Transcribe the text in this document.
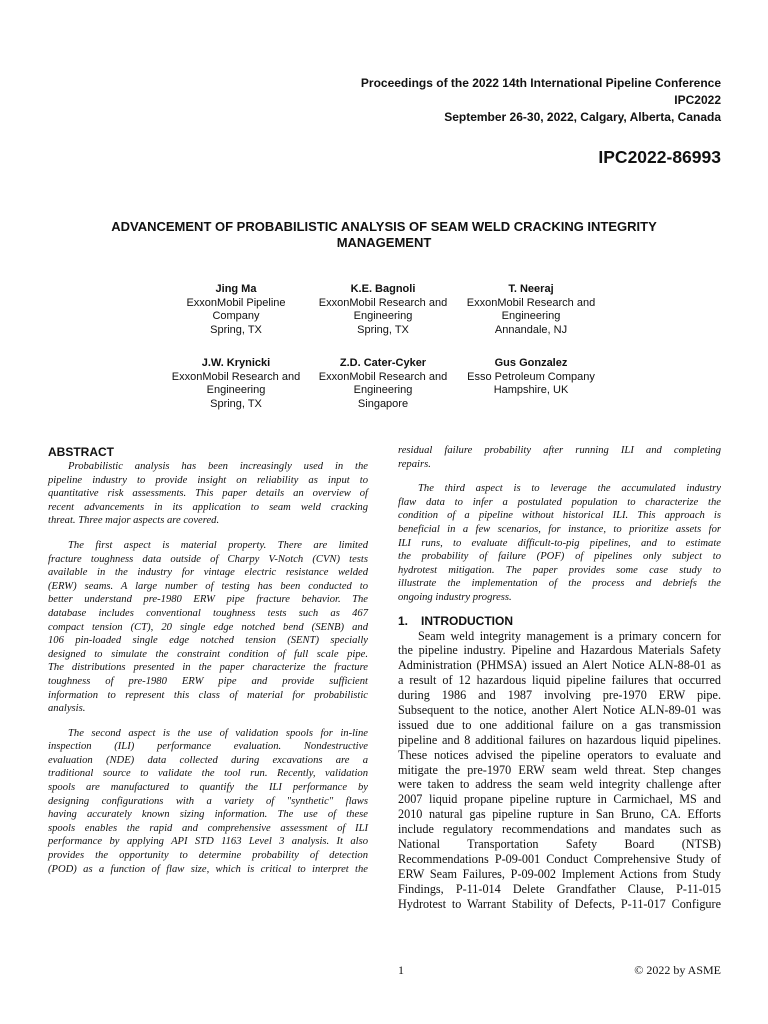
Proceedings of the 2022 14th International Pipeline Conference
IPC2022
September 26-30, 2022, Calgary, Alberta, Canada
IPC2022-86993
ADVANCEMENT OF PROBABILISTIC ANALYSIS OF SEAM WELD CRACKING INTEGRITY
MANAGEMENT
Jing Ma
ExxonMobil Pipeline
Company
Spring, TX
K.E. Bagnoli
ExxonMobil Research and
Engineering
Spring, TX
T. Neeraj
ExxonMobil Research and
Engineering
Annandale, NJ
J.W. Krynicki
ExxonMobil Research and
Engineering
Spring, TX
Z.D. Cater-Cyker
ExxonMobil Research and
Engineering
Singapore
Gus Gonzalez
Esso Petroleum Company
Hampshire, UK
ABSTRACT
Probabilistic analysis has been increasingly used in the
pipeline industry to provide insight on reliability as input to
quantitative risk assessments. This paper details an overview of
recent advancements in its application to seam weld cracking
threat. Three major aspects are covered.
The first aspect is material property. There are limited
fracture toughness data outside of Charpy V-Notch (CVN) tests
available in the industry for vintage electric resistance welded
(ERW) seams. A large number of testing has been conducted to
better understand pre-1980 ERW pipe fracture behavior. The
database includes conventional toughness tests such as 467
compact tension (CT), 20 single edge notched bend (SENB) and
106 pin-loaded single edge notched tension (SENT) specially
designed to simulate the constraint condition of full scale pipe.
The distributions presented in the paper characterize the fracture
toughness of pre-1980 ERW pipe and provide sufficient
information to represent this class of material for probabilistic
analysis.
The second aspect is the use of validation spools for in-line
inspection (ILI) performance evaluation. Nondestructive
evaluation (NDE) data collected during excavations are a
traditional source to validate the tool run. Recently, validation
spools are manufactured to quantify the ILI performance by
designing configurations with a variety of "synthetic" flaws
having accurately known sizing information. The use of these
spools enables the rapid and comprehensive assessment of ILI
performance by applying API STD 1163 Level 3 analysis. It also
provides the opportunity to determine probability of detection
(POD) as a function of flaw size, which is critical to interpret the
residual failure probability after running ILI and completing
repairs.
The third aspect is to leverage the accumulated industry
flaw data to infer a postulated population to characterize the
condition of a pipeline without historical ILI. This approach is
beneficial in a few scenarios, for instance, to prioritize assets for
ILI runs, to evaluate difficult-to-pig pipelines, and to estimate
the probability of failure (POF) of pipelines only subject to
hydrotest mitigation. The paper provides some case study to
illustrate the implementation of the process and debriefs the
ongoing industry progress.
1. INTRODUCTION
Seam weld integrity management is a primary concern for
the pipeline industry. Pipeline and Hazardous Materials Safety
Administration (PHMSA) issued an Alert Notice ALN-88-01 as
a result of 12 hazardous liquid pipeline failures that occurred
during 1986 and 1987 involving pre-1970 ERW pipe.
Subsequent to the notice, another Alert Notice ALN-89-01 was
issued due to one additional failure on a gas transmission
pipeline and 8 additional failures on hazardous liquid pipelines.
These notices advised the pipeline operators to evaluate and
mitigate the pre-1970 ERW seam weld threat. Step changes
were taken to address the seam weld integrity challenge after
2007 liquid propane pipeline rupture in Carmichael, MS and
2010 natural gas pipeline rupture in San Bruno, CA. Efforts
include regulatory recommendations and mandates such as
National Transportation Safety Board (NTSB)
Recommendations P-09-001 Conduct Comprehensive Study of
ERW Seam Failures, P-09-002 Implement Actions from Study
Findings, P-11-014 Delete Grandfather Clause, P-11-015
Hydrotest to Warrant Stability of Defects, P-11-017 Configure
1	© 2022 by ASME
